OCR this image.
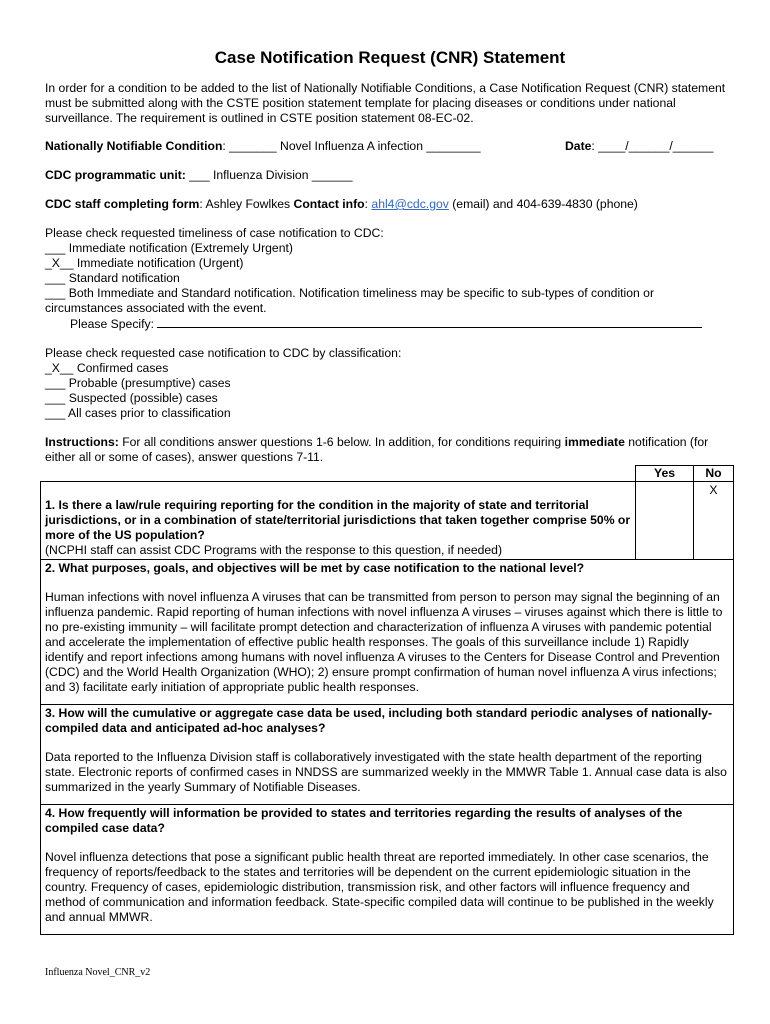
Case Notification Request (CNR) Statement

In order for a condition to be added to the list of Nationally Notifiable Conditions, a Case Notification Request (CNR) statement must be submitted along with the CSTE position statement template for placing diseases or conditions under national surveillance. The requirement is outlined in CSTE position statement 08-EC-02.

Nationally Notifiable Condition: _______ Novel Influenza A infection ________	Date: ____/______/______
CDC programmatic unit: ___ Influenza Division ______
CDC staff completing form: Ashley Fowlkes Contact info: ahl4@cdc.gov (email) and 404-639-4830 (phone)
Please check requested timeliness of case notification to CDC:
___ Immediate notification (Extremely Urgent)
_X__ Immediate notification (Urgent)
___ Standard notification
___ Both Immediate and Standard notification. Notification timeliness may be specific to sub-types of condition or circumstances associated with the event.
Please Specify:
Please check requested case notification to CDC by classification:
_X__ Confirmed cases
___ Probable (presumptive) cases
___ Suspected (possible) cases
___ All cases prior to classification

Instructions: For all conditions answer questions 1-6 below. In addition, for conditions requiring immediate notification (for either all or some of cases), answer questions 7-11.

	Yes	No

1. Is there a law/rule requiring reporting for the condition in the majority of state and territorial jurisdictions, or in a combination of state/territorial jurisdictions that taken together comprise 50% or more of the US population?
(NCPHI staff can assist CDC Programs with the response to this question, if needed)		X

2. What purposes, goals, and objectives will be met by case notification to the national level?
Human infections with novel influenza A viruses that can be transmitted from person to person may signal the beginning of an influenza pandemic. Rapid reporting of human infections with novel influenza A viruses – viruses against which there is little to no pre-existing immunity – will facilitate prompt detection and characterization of influenza A viruses with pandemic potential and accelerate the implementation of effective public health responses. The goals of this surveillance include 1) Rapidly identify and report infections among humans with novel influenza A viruses to the Centers for Disease Control and Prevention (CDC) and the World Health Organization (WHO); 2) ensure prompt confirmation of human novel influenza A virus infections; and 3) facilitate early initiation of appropriate public health responses.		

3. How will the cumulative or aggregate case data be used, including both standard periodic analyses of nationally-compiled data and anticipated ad-hoc analyses?
Data reported to the Influenza Division staff is collaboratively investigated with the state health department of the reporting state. Electronic reports of confirmed cases in NNDSS are summarized weekly in the MMWR Table 1. Annual case data is also summarized in the yearly Summary of Notifiable Diseases.		

4. How frequently will information be provided to states and territories regarding the results of analyses of the compiled case data?
Novel influenza detections that pose a significant public health threat are reported immediately. In other case scenarios, the frequency of reports/feedback to the states and territories will be dependent on the current epidemiologic situation in the country. Frequency of cases, epidemiologic distribution, transmission risk, and other factors will influence frequency and method of communication and information feedback. State-specific compiled data will continue to be published in the weekly and annual MMWR.		
Influenza Novel_CNR_v2
